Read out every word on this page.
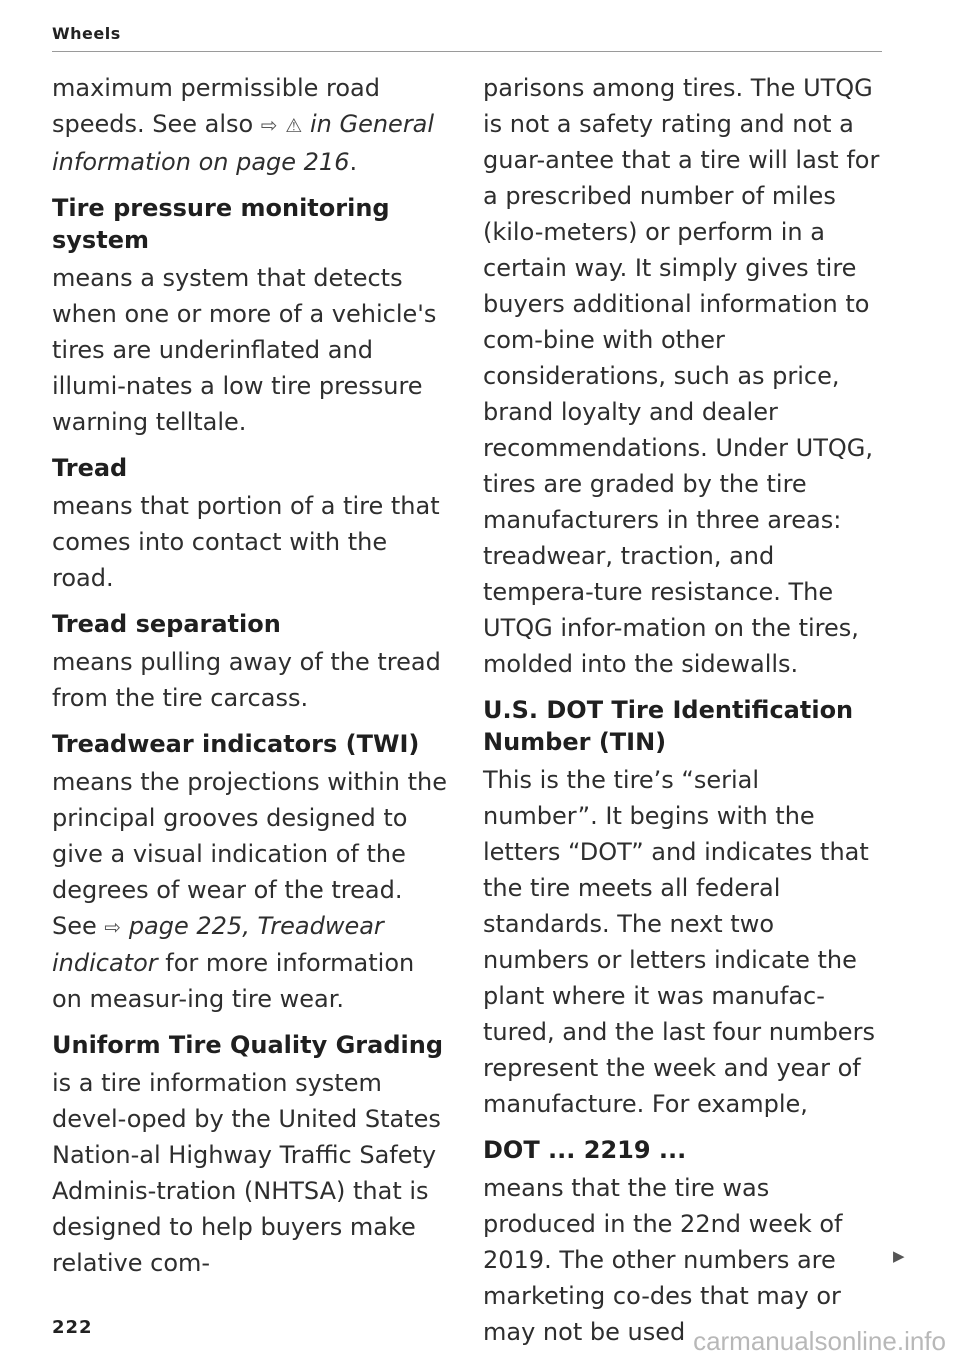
Wheels

maximum permissible road speeds. See also ⇨ ⚠ in General information on page 216.

Tire pressure monitoring system

means a system that detects when one or more of a vehicle's tires are underinflated and illumi-nates a low tire pressure warning telltale.

Tread

means that portion of a tire that comes into contact with the road.

Tread separation

means pulling away of the tread from the tire carcass.

Treadwear indicators (TWI)

means the projections within the principal grooves designed to give a visual indication of the degrees of wear of the tread. See ⇨ page 225, Treadwear indicator for more information on measur-ing tire wear.

Uniform Tire Quality Grading

is a tire information system devel-oped by the United States Nation-al Highway Traffic Safety Adminis-tration (NHTSA) that is designed to help buyers make relative com-

parisons among tires. The UTQG is not a safety rating and not a guar-antee that a tire will last for a prescribed number of miles (kilo-meters) or perform in a certain way. It simply gives tire buyers additional information to com-bine with other considerations, such as price, brand loyalty and dealer recommendations. Under UTQG, tires are graded by the tire manufacturers in three areas: treadwear, traction, and tempera-ture resistance. The UTQG infor-mation on the tires, molded into the sidewalls.

U.S. DOT Tire Identification Number (TIN)

This is the tire’s “serial number”. It begins with the letters “DOT” and indicates that the tire meets all federal standards. The next two numbers or letters indicate the plant where it was manufac-tured, and the last four numbers represent the week and year of manufacture. For example,

DOT ... 2219 ...

means that the tire was produced in the 22nd week of 2019. The other numbers are marketing co-des that may or may not be used

▶
222	carmanualsonline.info
